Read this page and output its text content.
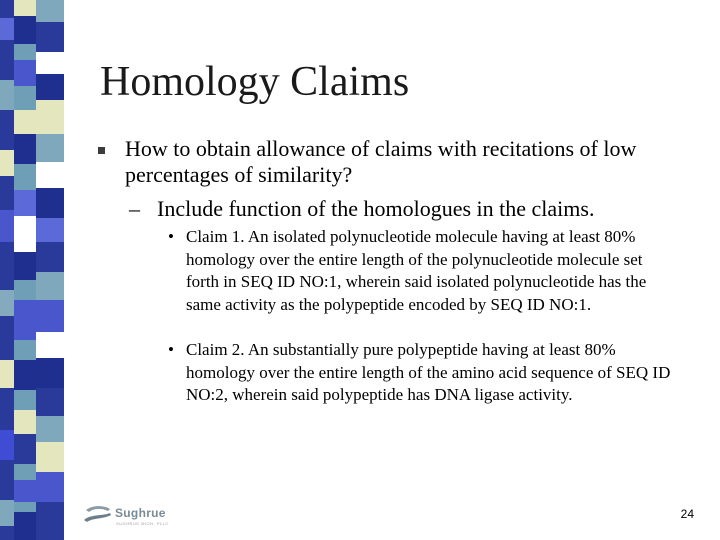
Homology Claims
How to obtain allowance of claims with recitations of low percentages of similarity?
– Include function of the homologues in the claims.
• Claim 1. An isolated polynucleotide molecule having at least 80% homology over the entire length of the polynucleotide molecule set forth in SEQ ID NO:1, wherein said isolated polynucleotide has the same activity as the polypeptide encoded by SEQ ID NO:1.
• Claim 2. An substantially pure polypeptide having at least 80% homology over the entire length of the amino acid sequence of SEQ ID NO:2, wherein said polypeptide has DNA ligase activity.
Sughrue
SUGHRUE MION, PLLC
24
